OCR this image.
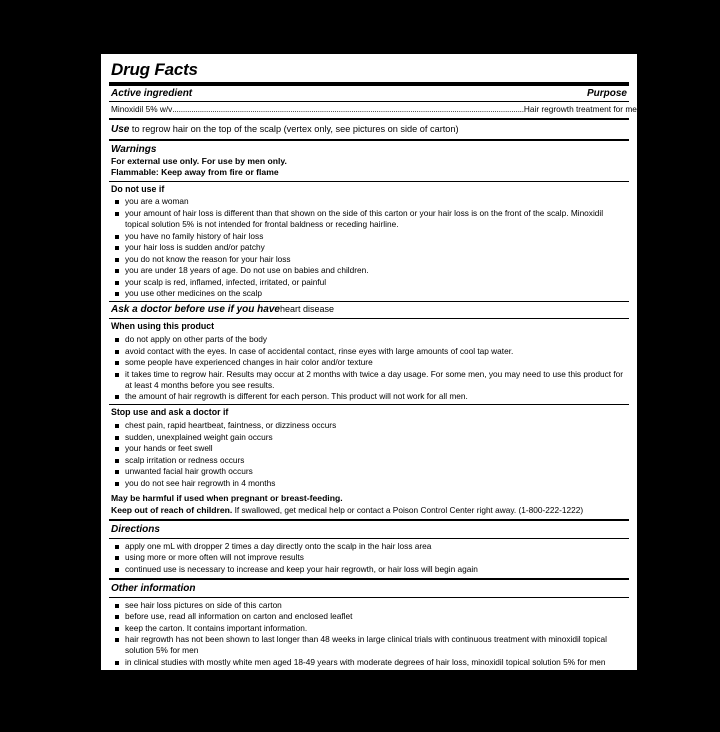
Drug Facts
Active ingredient	Purpose
Minoxidil 5% w/v ....................................................................................................................................................................... Hair regrowth treatment for men
Use to regrow hair on the top of the scalp (vertex only, see pictures on side of carton)
Warnings
For external use only. For use by men only.
Flammable: Keep away from fire or flame
Do not use if
you are a woman
your amount of hair loss is different than that shown on the side of this carton or your hair loss is on the front of the scalp. Minoxidil topical solution 5% is not intended for frontal baldness or receding hairline.
you have no family history of hair loss
your hair loss is sudden and/or patchy
you do not know the reason for your hair loss
you are under 18 years of age. Do not use on babies and children.
your scalp is red, inflamed, infected, irritated, or painful
you use other medicines on the scalp
Ask a doctor before use if you haveheart disease
When using this product
do not apply on other parts of the body
avoid contact with the eyes. In case of accidental contact, rinse eyes with large amounts of cool tap water.
some people have experienced changes in hair color and/or texture
it takes time to regrow hair. Results may occur at 2 months with twice a day usage. For some men, you may need to use this product for at least 4 months before you see results.
the amount of hair regrowth is different for each person. This product will not work for all men.
Stop use and ask a doctor if
chest pain, rapid heartbeat, faintness, or dizziness occurs
sudden, unexplained weight gain occurs
your hands or feet swell
scalp irritation or redness occurs
unwanted facial hair growth occurs
you do not see hair regrowth in 4 months
May be harmful if used when pregnant or breast-feeding.
Keep out of reach of children. If swallowed, get medical help or contact a Poison Control Center right away. (1-800-222-1222)
Directions
apply one mL with dropper 2 times a day directly onto the scalp in the hair loss area
using more or more often will not improve results
continued use is necessary to increase and keep your hair regrowth, or hair loss will begin again
Other information
see hair loss pictures on side of this carton
before use, read all information on carton and enclosed leaflet
keep the carton. It contains important information.
hair regrowth has not been shown to last longer than 48 weeks in large clinical trials with continuous treatment with minoxidil topical solution 5% for men
in clinical studies with mostly white men aged 18-49 years with moderate degrees of hair loss, minoxidil topical solution 5% for men provided more hair regrowth than minoxidil topical solution 2%
store at 20° to 25°C (68° to 77°F). Keep tightly closed.
Inactive ingredients alcohol, propylene glycol, purified water
Questions or comments? 1-800-719-9260
